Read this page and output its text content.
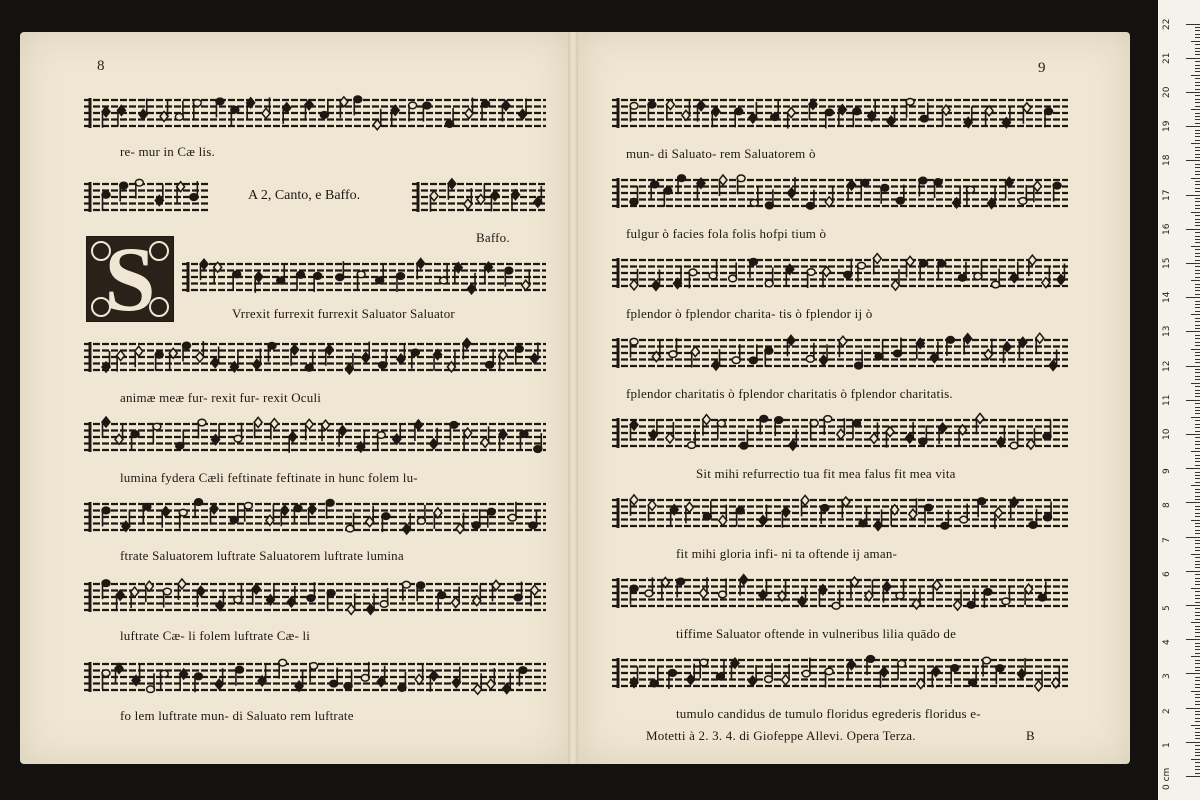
8
re- mur in Cæ lis.
A 2, Canto, e Baffo.
Baffo.
S	Vrrexit furrexit furrexit Saluator Saluator
animæ meæ fur- rexit fur- rexit Oculi
lumina fydera Cæli feftinate feftinate in hunc folem lu-
ftrate Saluatorem luftrate Saluatorem luftrate lumina
luftrate Cæ- li folem luftrate Cæ- li
fo lem luftrate mun- di Saluato rem luftrate
9
mun- di Saluato- rem Saluatorem ò
fulgur ò facies fola folis hofpi tium ò
fplendor ò fplendor charita- tis ò fplendor ij ò
fplendor charitatis ò fplendor charitatis ò fplendor charitatis.
Sit mihi refurrectio tua fit mea falus fit mea vita
fit mihi gloria infi- ni ta oftende ij aman-
tiffime Saluator oftende in vulneribus lilia quādo de
tumulo candidus de tumulo floridus egrederis floridus e-
Motetti à 2. 3. 4. di Giofeppe Allevi. Opera Terza.	B
0 cm
1
2
3
4
5
6
7
8
9
10
11
12
13
14
15
16
17
18
19
20
21
22
